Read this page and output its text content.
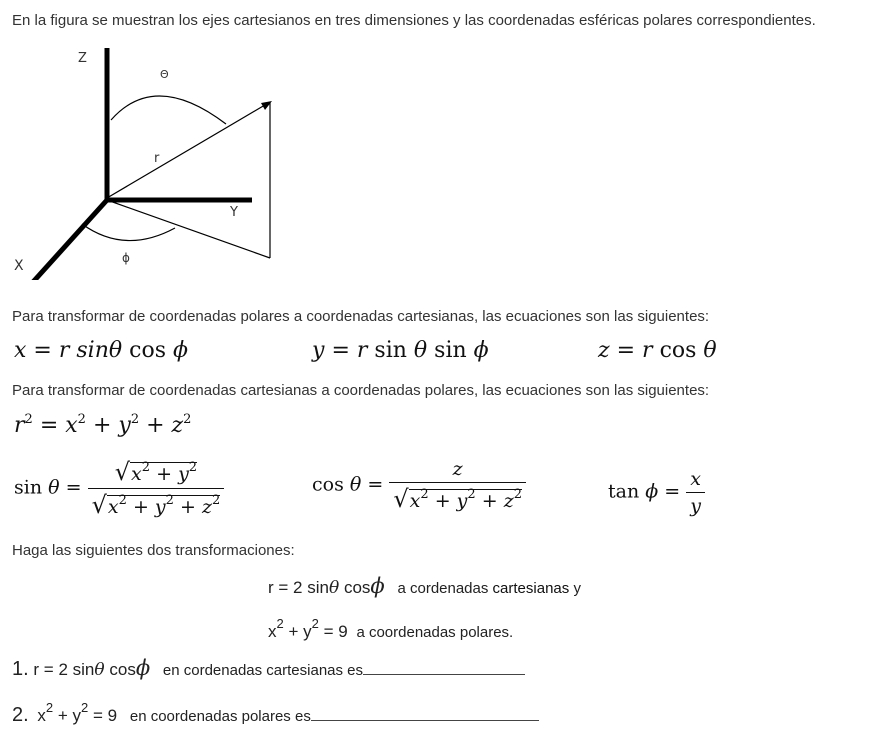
En la figura se muestran los ejes cartesianos en tres dimensiones y las coordenadas esféricas polares correspondientes.
Z
Θ
r
Y
ϕ
X
Para transformar de coordenadas polares a coordenadas cartesianas, las ecuaciones son las siguientes:
x = r sinθ cos ϕ	y = r sin θ sin ϕ	z = r cos θ
Para transformar de coordenadas cartesianas a coordenadas polares, las ecuaciones son las siguientes:
$r^2 = x^2 + y^2 + z^2$
$\sin \theta = \frac{√x^2 + y^2}{√x^2 + y^2 + z^2}$	$\cos \theta = \frac{z}{√x^2 + y^2 + z^2}$	$\tan \phi = \frac{x}{y}$
Haga las siguientes dos transformaciones:
r = 2 sinθ cosϕ a cordenadas cartesianas y
$x^2 + y^2 = 9$ a coordenadas polares.
1. r = 2 sinθ cosϕ en cordenadas cartesianas es
2. $x^2 + y^2 = 9$ en coordenadas polares es
